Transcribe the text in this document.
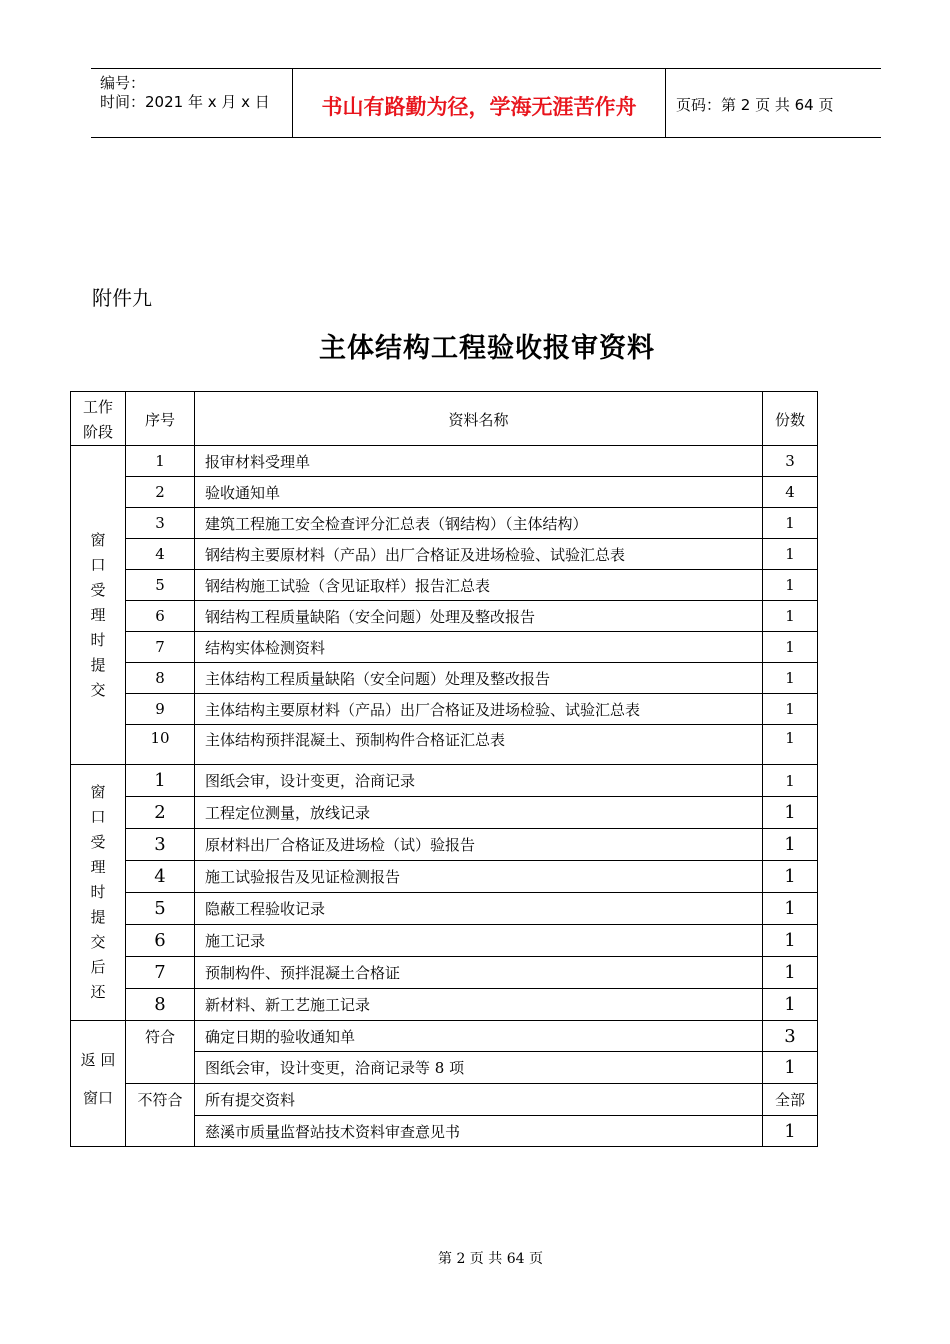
编号：
时间：2021 年 x 月 x 日	书山有路勤为径，学海无涯苦作舟	页码：第 2 页 共 64 页
附件九
主体结构工程验收报审资料
工作阶段	序号	资料名称	份数
窗口受理时提交	1	报审材料受理单	3
	2	验收通知单	4
	3	建筑工程施工安全检查评分汇总表（钢结构）（主体结构）	1
	4	钢结构主要原材料（产品）出厂合格证及进场检验、试验汇总表	1
	5	钢结构施工试验（含见证取样）报告汇总表	1
	6	钢结构工程质量缺陷（安全问题）处理及整改报告	1
	7	结构实体检测资料	1
	8	主体结构工程质量缺陷（安全问题）处理及整改报告	1
	9	主体结构主要原材料（产品）出厂合格证及进场检验、试验汇总表	1
	10	主体结构预拌混凝土、预制构件合格证汇总表	1
窗口受理时提交后还	1	图纸会审，设计变更，洽商记录	1
	2	工程定位测量，放线记录	1
	3	原材料出厂合格证及进场检（试）验报告	1
	4	施工试验报告及见证检测报告	1
	5	隐蔽工程验收记录	1
	6	施工记录	1
	7	预制构件、预拌混凝土合格证	1
	8	新材料、新工艺施工记录	1

返 回
窗口	符合	确定日期的验收通知单	3
		图纸会审，设计变更，洽商记录等 8 项	1
	不符合	所有提交资料	全部
		慈溪市质量监督站技术资料审查意见书	1
第 2 页 共 64 页
